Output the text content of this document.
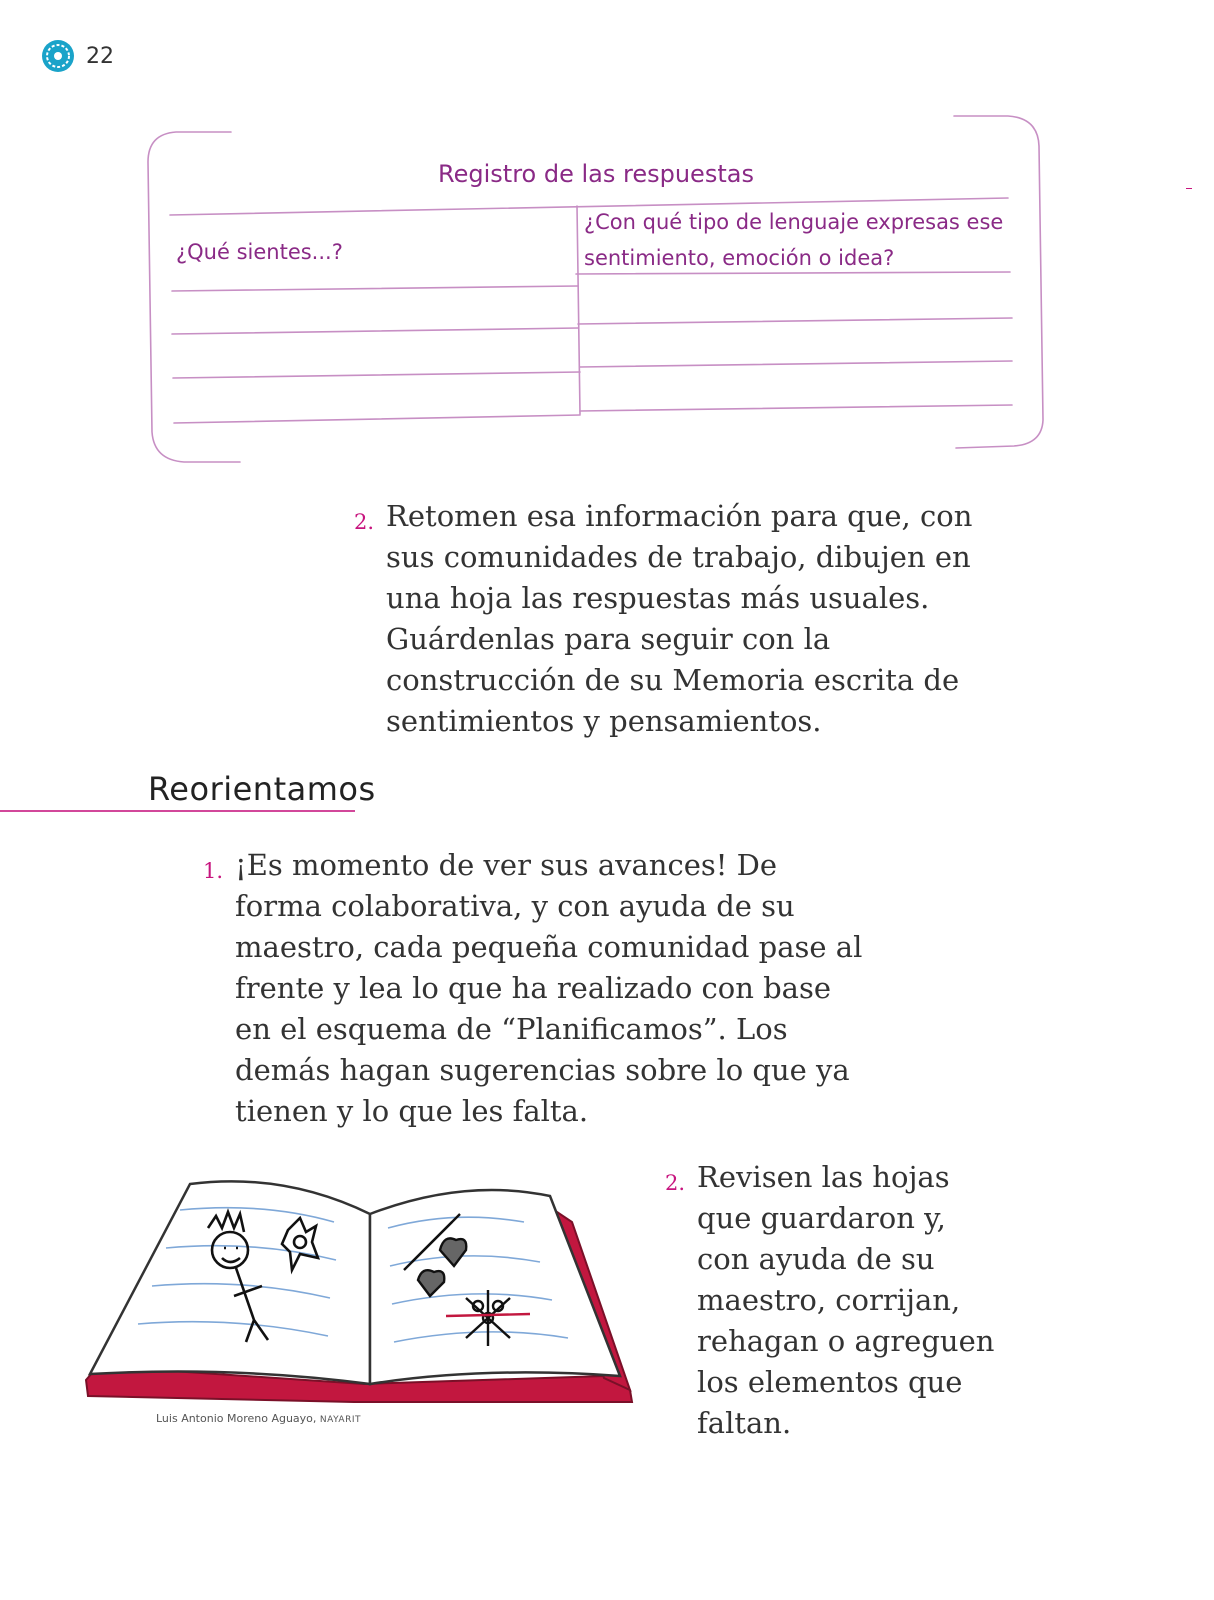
22
Registro de las respuestas
¿Qué sientes...?
¿Con qué tipo de lenguaje expresas ese sentimiento, emoción o idea?
2. Retomen esa información para que, con sus comunidades de trabajo, dibujen en una hoja las respuestas más usuales. Guárdenlas para seguir con la construcción de su Memoria escrita de sentimientos y pensamientos.
Reorientamos
1. ¡Es momento de ver sus avances! De forma colaborativa, y con ayuda de su maestro, cada pequeña comunidad pase al frente y lea lo que ha realizado con base en el esquema de “Planificamos”. Los demás hagan sugerencias sobre lo que ya tienen y lo que les falta.
Luis Antonio Moreno Aguayo, NAYARIT
2. Revisen las hojas que guardaron y, con ayuda de su maestro, corrijan, rehagan o agreguen los elementos que faltan.
